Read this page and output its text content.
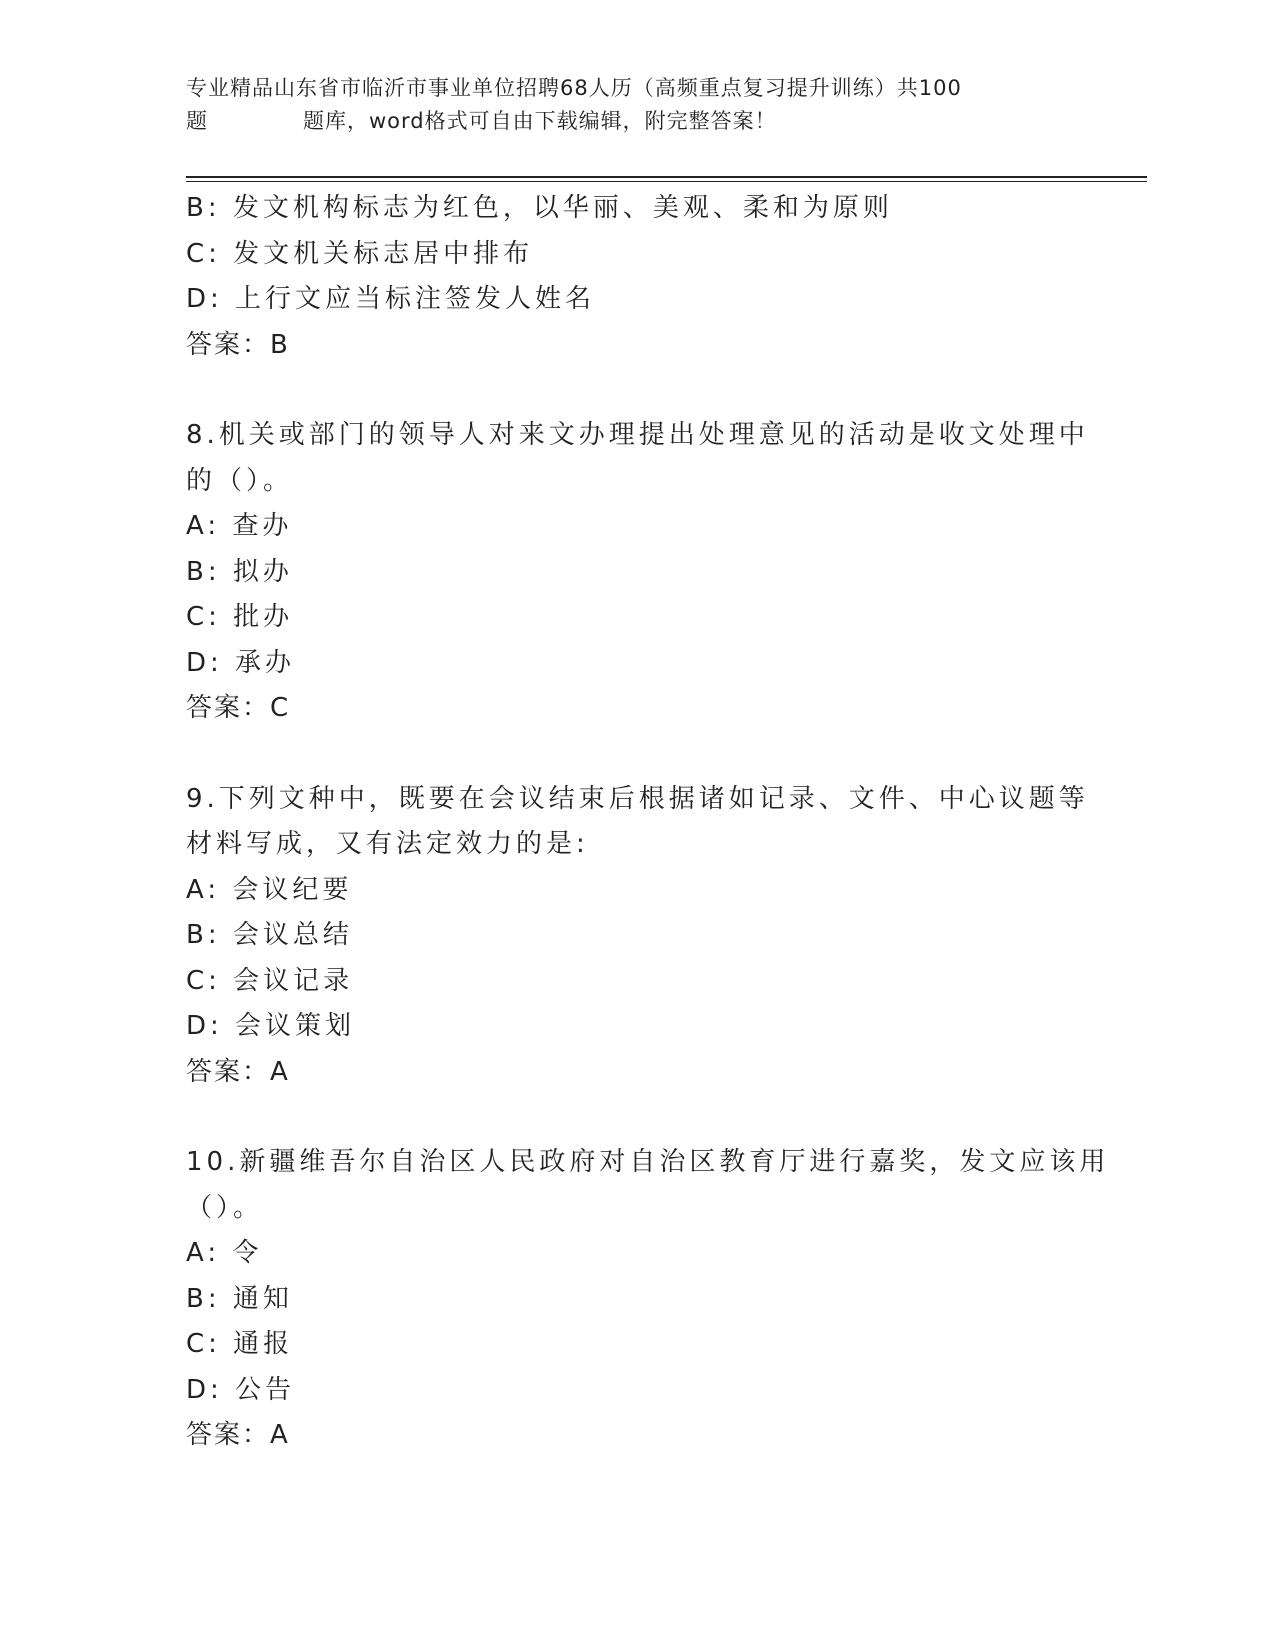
专业精品山东省市临沂市事业单位招聘68人历（高频重点复习提升训练）共100
题	题库，word格式可自由下载编辑，附完整答案！
B: 发文机构标志为红色，以华丽、美观、柔和为原则
C: 发文机关标志居中排布
D: 上行文应当标注签发人姓名
答案：B
8.机关或部门的领导人对来文办理提出处理意见的活动是收文处理中
的（）。
A: 查办
B: 拟办
C: 批办
D: 承办
答案：C
9.下列文种中，既要在会议结束后根据诸如记录、文件、中心议题等
材料写成，又有法定效力的是:
A: 会议纪要
B: 会议总结
C: 会议记录
D: 会议策划
答案：A
10.新疆维吾尔自治区人民政府对自治区教育厅进行嘉奖，发文应该用
（）。
A: 令
B: 通知
C: 通报
D: 公告
答案：A
